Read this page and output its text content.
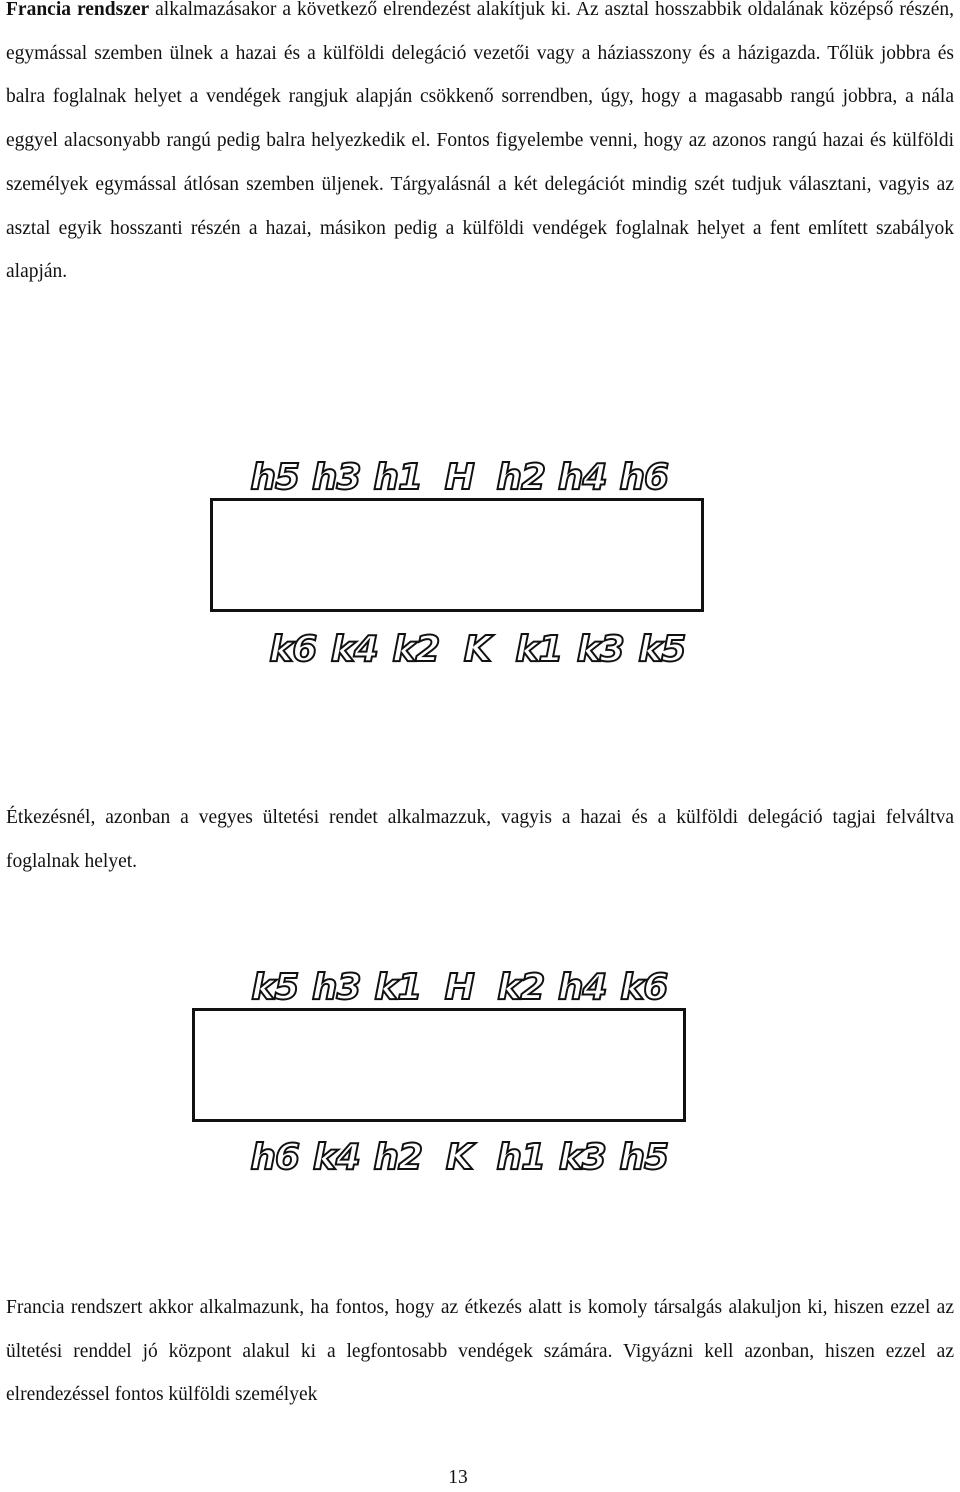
Francia rendszer alkalmazásakor a következő elrendezést alakítjuk ki. Az asztal hosszabbik oldalának középső részén, egymással szemben ülnek a hazai és a külföldi delegáció vezetői vagy a háziasszony és a házigazda. Tőlük jobbra és balra foglalnak helyet a vendégek rangjuk alapján csökkenő sorrendben, úgy, hogy a magasabb rangú jobbra, a nála eggyel alacsonyabb rangú pedig balra helyezkedik el. Fontos figyelembe venni, hogy az azonos rangú hazai és külföldi személyek egymással átlósan szemben üljenek. Tárgyalásnál a két delegációt mindig szét tudjuk választani, vagyis az asztal egyik hosszanti részén a hazai, másikon pedig a külföldi vendégek foglalnak helyet a fent említett szabályok alapján.

h5 h3 h1 H h2 h4 h6
k6 k4 k2 K k1 k3 k5

Étkezésnél, azonban a vegyes ültetési rendet alkalmazzuk, vagyis a hazai és a külföldi delegáció tagjai felváltva foglalnak helyet.

k5 h3 k1 H k2 h4 k6
h6 k4 h2 K h1 k3 h5

Francia rendszert akkor alkalmazunk, ha fontos, hogy az étkezés alatt is komoly társalgás alakuljon ki, hiszen ezzel az ültetési renddel jó központ alakul ki a legfontosabb vendégek számára. Vigyázni kell azonban, hiszen ezzel az elrendezéssel fontos külföldi személyek

13
